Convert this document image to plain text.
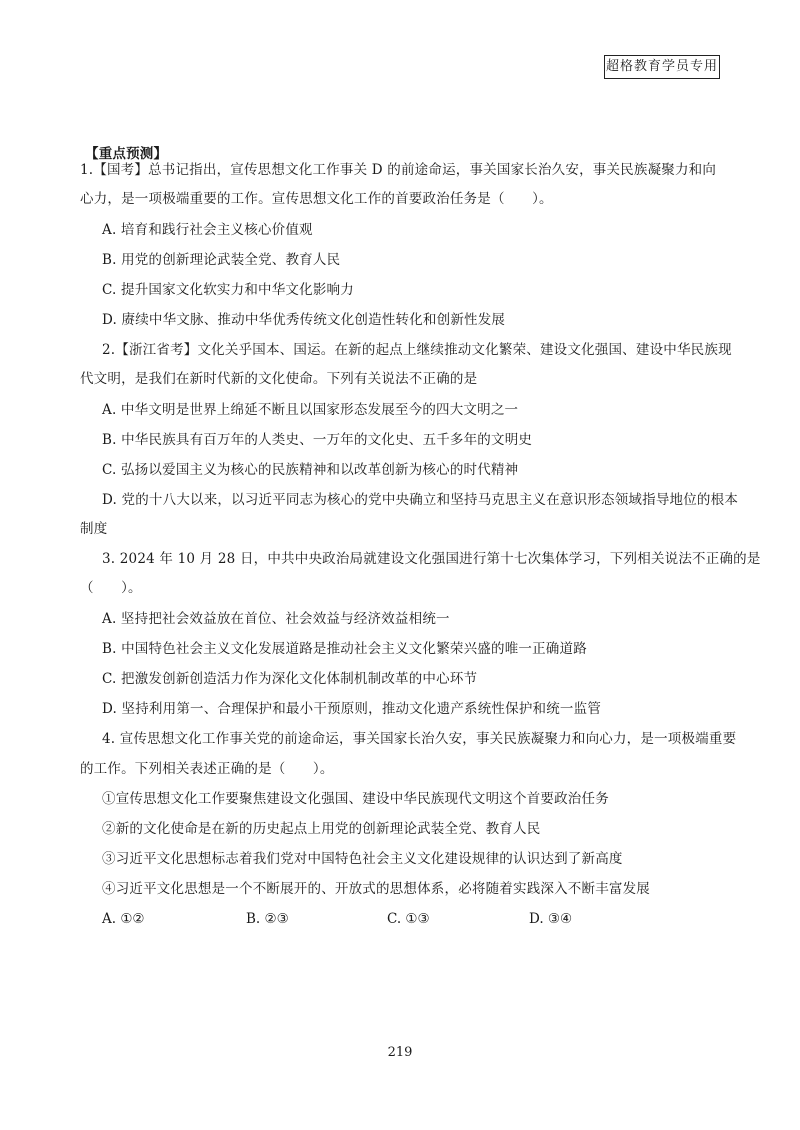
超格教育学员专用
【重点预测】
1.【国考】总书记指出，宣传思想文化工作事关 D 的前途命运，事关国家长治久安，事关民族凝聚力和向
心力，是一项极端重要的工作。宣传思想文化工作的首要政治任务是（　　）。
A. 培育和践行社会主义核心价值观
B. 用党的创新理论武装全党、教育人民
C. 提升国家文化软实力和中华文化影响力
D. 赓续中华文脉、推动中华优秀传统文化创造性转化和创新性发展
2.【浙江省考】文化关乎国本、国运。在新的起点上继续推动文化繁荣、建设文化强国、建设中华民族现
代文明，是我们在新时代新的文化使命。下列有关说法不正确的是
A. 中华文明是世界上绵延不断且以国家形态发展至今的四大文明之一
B. 中华民族具有百万年的人类史、一万年的文化史、五千多年的文明史
C. 弘扬以爱国主义为核心的民族精神和以改革创新为核心的时代精神
D. 党的十八大以来，以习近平同志为核心的党中央确立和坚持马克思主义在意识形态领域指导地位的根本
制度
3. 2024 年 10 月 28 日，中共中央政治局就建设文化强国进行第十七次集体学习，下列相关说法不正确的是
（　　）。
A. 坚持把社会效益放在首位、社会效益与经济效益相统一
B. 中国特色社会主义文化发展道路是推动社会主义文化繁荣兴盛的唯一正确道路
C. 把激发创新创造活力作为深化文化体制机制改革的中心环节
D. 坚持利用第一、合理保护和最小干预原则，推动文化遗产系统性保护和统一监管
4. 宣传思想文化工作事关党的前途命运，事关国家长治久安，事关民族凝聚力和向心力，是一项极端重要
的工作。下列相关表述正确的是（　　）。
①宣传思想文化工作要聚焦建设文化强国、建设中华民族现代文明这个首要政治任务
②新的文化使命是在新的历史起点上用党的创新理论武装全党、教育人民
③习近平文化思想标志着我们党对中国特色社会主义文化建设规律的认识达到了新高度
④习近平文化思想是一个不断展开的、开放式的思想体系，必将随着实践深入不断丰富发展
A. ①②	B. ②③	C. ①③	D. ③④
219
